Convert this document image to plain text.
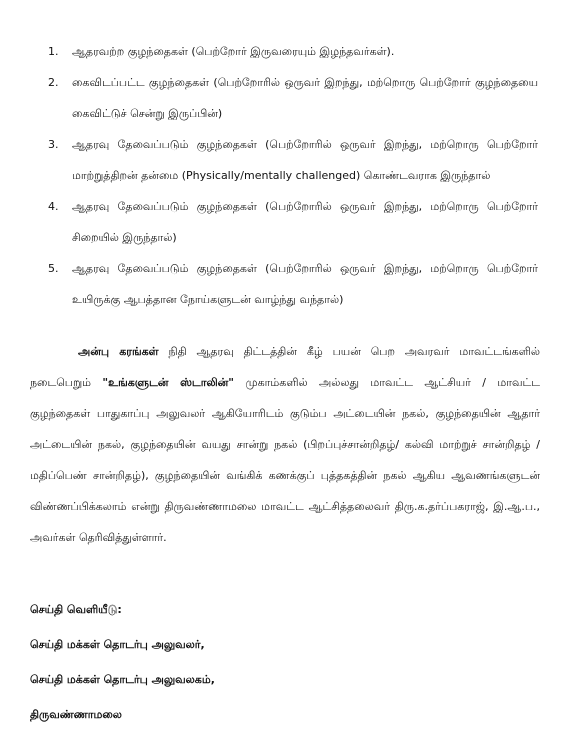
1.	ஆதரவற்ற குழந்தைகள் (பெற்றோர் இருவரையும் இழந்தவர்கள்).
2.	கைவிடப்பட்ட குழந்தைகள் (பெற்றோரில் ஒருவர் இறந்து, மற்றொரு பெற்றோர் குழந்தையை கைவிட்டுச் சென்று இருப்பின்)
3.	ஆதரவு தேவைப்படும் குழந்தைகள் (பெற்றோரில் ஒருவர் இறந்து, மற்றொரு பெற்றோர் மாற்றுத்திறன் தன்மை (Physically/mentally challenged) கொண்டவராக இருந்தால்
4.	ஆதரவு தேவைப்படும் குழந்தைகள் (பெற்றோரில் ஒருவர் இறந்து, மற்றொரு பெற்றோர் சிறையில் இருந்தால்)
5.	ஆதரவு தேவைப்படும் குழந்தைகள் (பெற்றோரில் ஒருவர் இறந்து, மற்றொரு பெற்றோர் உயிருக்கு ஆபத்தான நோய்களுடன் வாழ்ந்து வந்தால்)

அன்பு கரங்கள் நிதி ஆதரவு திட்டத்தின் கீழ் பயன் பெற அவரவர் மாவட்டங்களில் நடைபெறும் "உங்களுடன் ஸ்டாலின்" முகாம்களில் அல்லது மாவட்ட ஆட்சியர் / மாவட்ட குழந்தைகள் பாதுகாப்பு அலுவலர் ஆகியோரிடம் குடும்ப அட்டையின் நகல், குழந்தையின் ஆதார் அட்டையின் நகல், குழந்தையின் வயது சான்று நகல் (பிறப்புச்சான்றிதழ்/ கல்வி மாற்றுச் சான்றிதழ் / மதிப்பெண் சான்றிதழ்), குழந்தையின் வங்கிக் கணக்குப் புத்தகத்தின் நகல் ஆகிய ஆவணங்களுடன் விண்ணப்பிக்கலாம் என்று திருவண்ணாமலை மாவட்ட ஆட்சித்தலைவர் திரு.க.தர்ப்பகராஜ், இ.ஆ.ப., அவர்கள் தெரிவித்துள்ளார்.

செய்தி வெளியீடு:
செய்தி மக்கள் தொடர்பு அலுவலர்,
செய்தி மக்கள் தொடர்பு அலுவலகம்,
திருவண்ணாமலை
